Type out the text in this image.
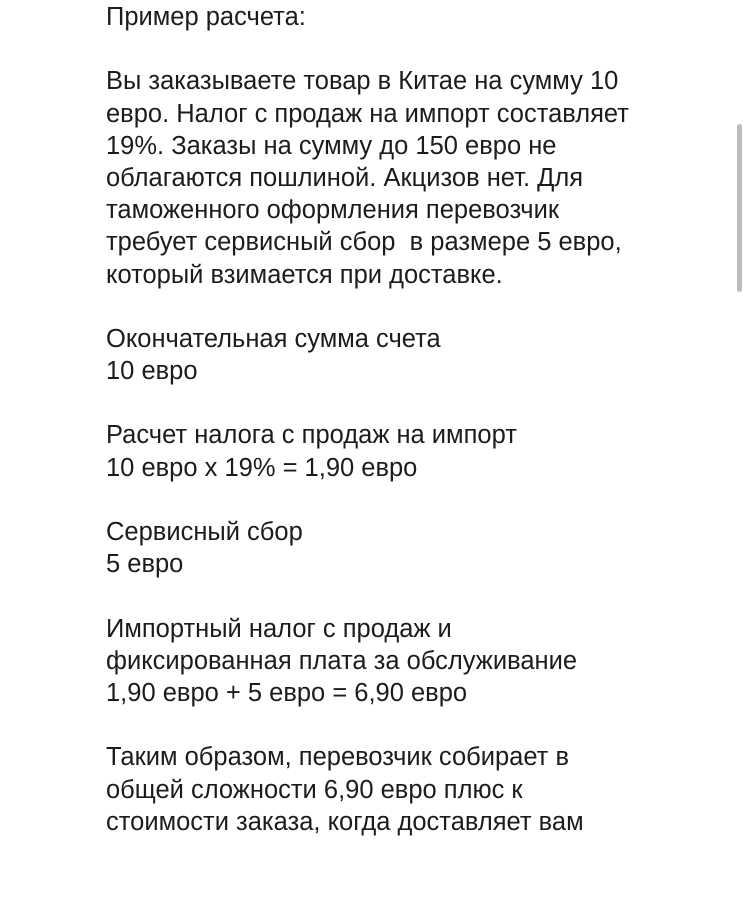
Пример расчета:
Вы заказываете товар в Китае на сумму 10
евро. Налог с продаж на импорт составляет
19%. Заказы на сумму до 150 евро не
облагаются пошлиной. Акцизов нет. Для
таможенного оформления перевозчик
требует сервисный сбор  в размере 5 евро,
который взимается при доставке.
Окончательная сумма счета
10 евро
Расчет налога с продаж на импорт
10 евро x 19% = 1,90 евро
Сервисный сбор
5 евро
Импортный налог с продаж и
фиксированная плата за обслуживание
1,90 евро + 5 евро = 6,90 евро
Таким образом, перевозчик собирает в
общей сложности 6,90 евро плюс к
стоимости заказа, когда доставляет вам
